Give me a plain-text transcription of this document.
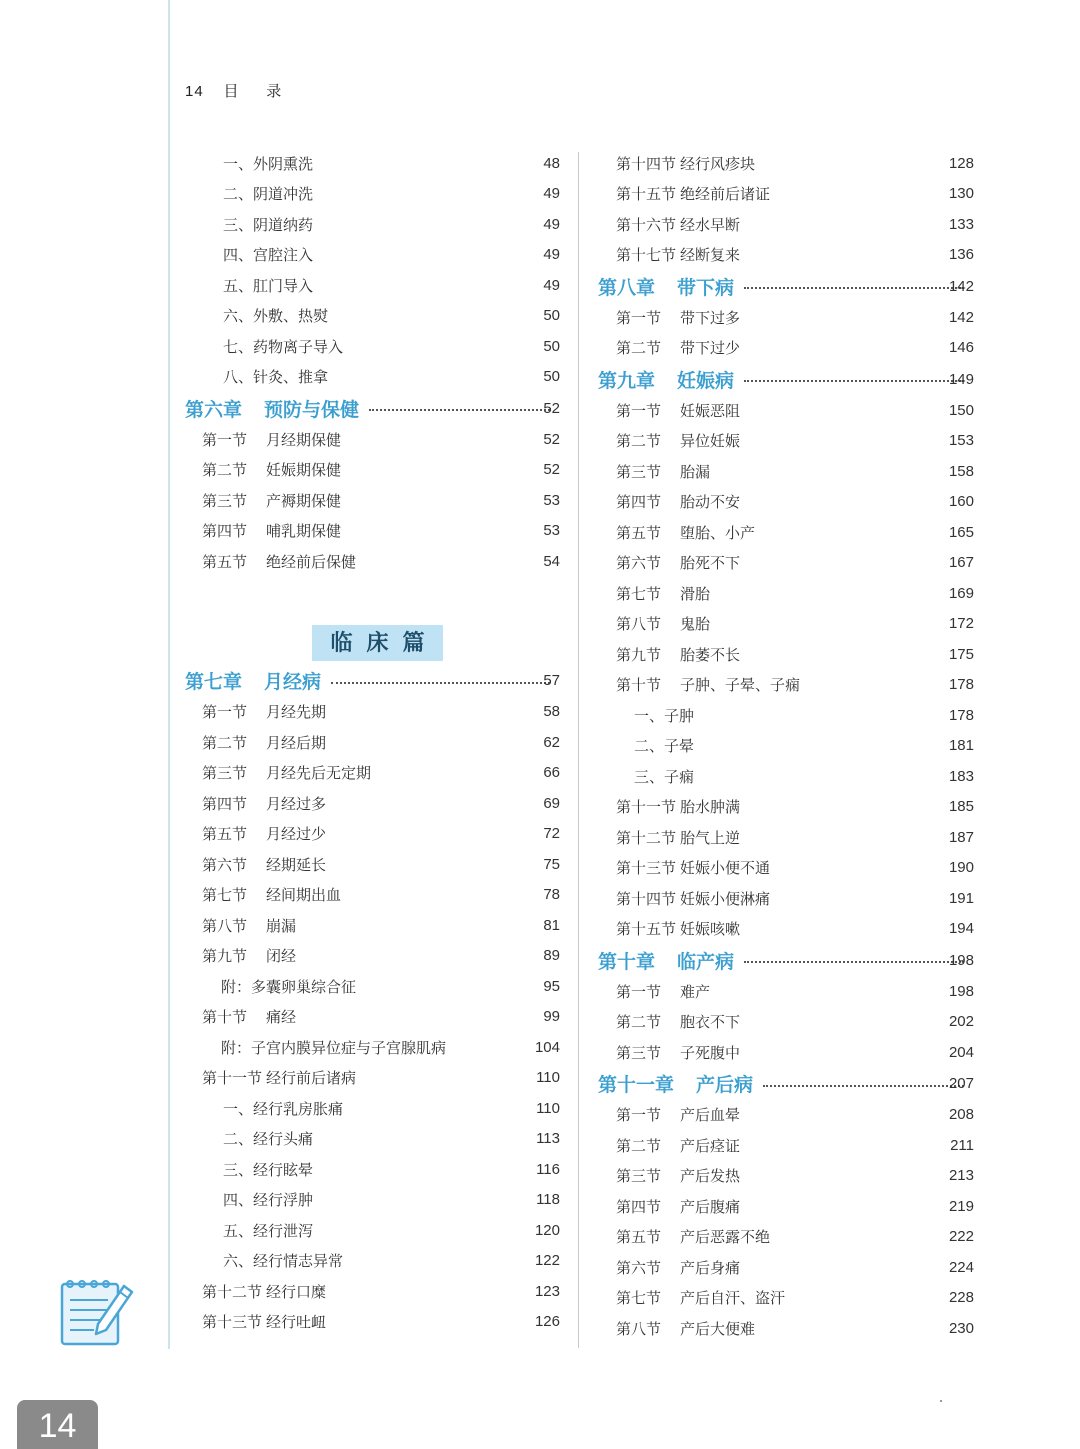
14 目 录
一、外阴熏洗	48
二、阴道冲洗	49
三、阴道纳药	49
四、宫腔注入	49
五、肛门导入	49
六、外敷、热熨	50
七、药物离子导入	50
八、针灸、推拿	50
第六章 预防与保健	52
第一节 月经期保健	52
第二节 妊娠期保健	52
第三节 产褥期保健	53
第四节 哺乳期保健	53
第五节 绝经前后保健	54
临床篇
第七章 月经病	57
第一节 月经先期	58
第二节 月经后期	62
第三节 月经先后无定期	66
第四节 月经过多	69
第五节 月经过少	72
第六节 经期延长	75
第七节 经间期出血	78
第八节 崩漏	81
第九节 闭经	89
附：多囊卵巢综合征	95
第十节 痛经	99
附：子宫内膜异位症与子宫腺肌病	104
第十一节 经行前后诸病	110
一、经行乳房胀痛	110
二、经行头痛	113
三、经行眩晕	116
四、经行浮肿	118
五、经行泄泻	120
六、经行情志异常	122
第十二节 经行口糜	123
第十三节 经行吐衄	126
第十四节 经行风疹块	128
第十五节 绝经前后诸证	130
第十六节 经水早断	133
第十七节 经断复来	136
第八章 带下病	142
第一节 带下过多	142
第二节 带下过少	146
第九章 妊娠病	149
第一节 妊娠恶阻	150
第二节 异位妊娠	153
第三节 胎漏	158
第四节 胎动不安	160
第五节 堕胎、小产	165
第六节 胎死不下	167
第七节 滑胎	169
第八节 鬼胎	172
第九节 胎萎不长	175
第十节 子肿、子晕、子痫	178
一、子肿	178
二、子晕	181
三、子痫	183
第十一节 胎水肿满	185
第十二节 胎气上逆	187
第十三节 妊娠小便不通	190
第十四节 妊娠小便淋痛	191
第十五节 妊娠咳嗽	194
第十章 临产病	198
第一节 难产	198
第二节 胞衣不下	202
第三节 子死腹中	204
第十一章 产后病	207
第一节 产后血晕	208
第二节 产后痉证	211
第三节 产后发热	213
第四节 产后腹痛	219
第五节 产后恶露不绝	222
第六节 产后身痛	224
第七节 产后自汗、盗汗	228
第八节 产后大便难	230
14
